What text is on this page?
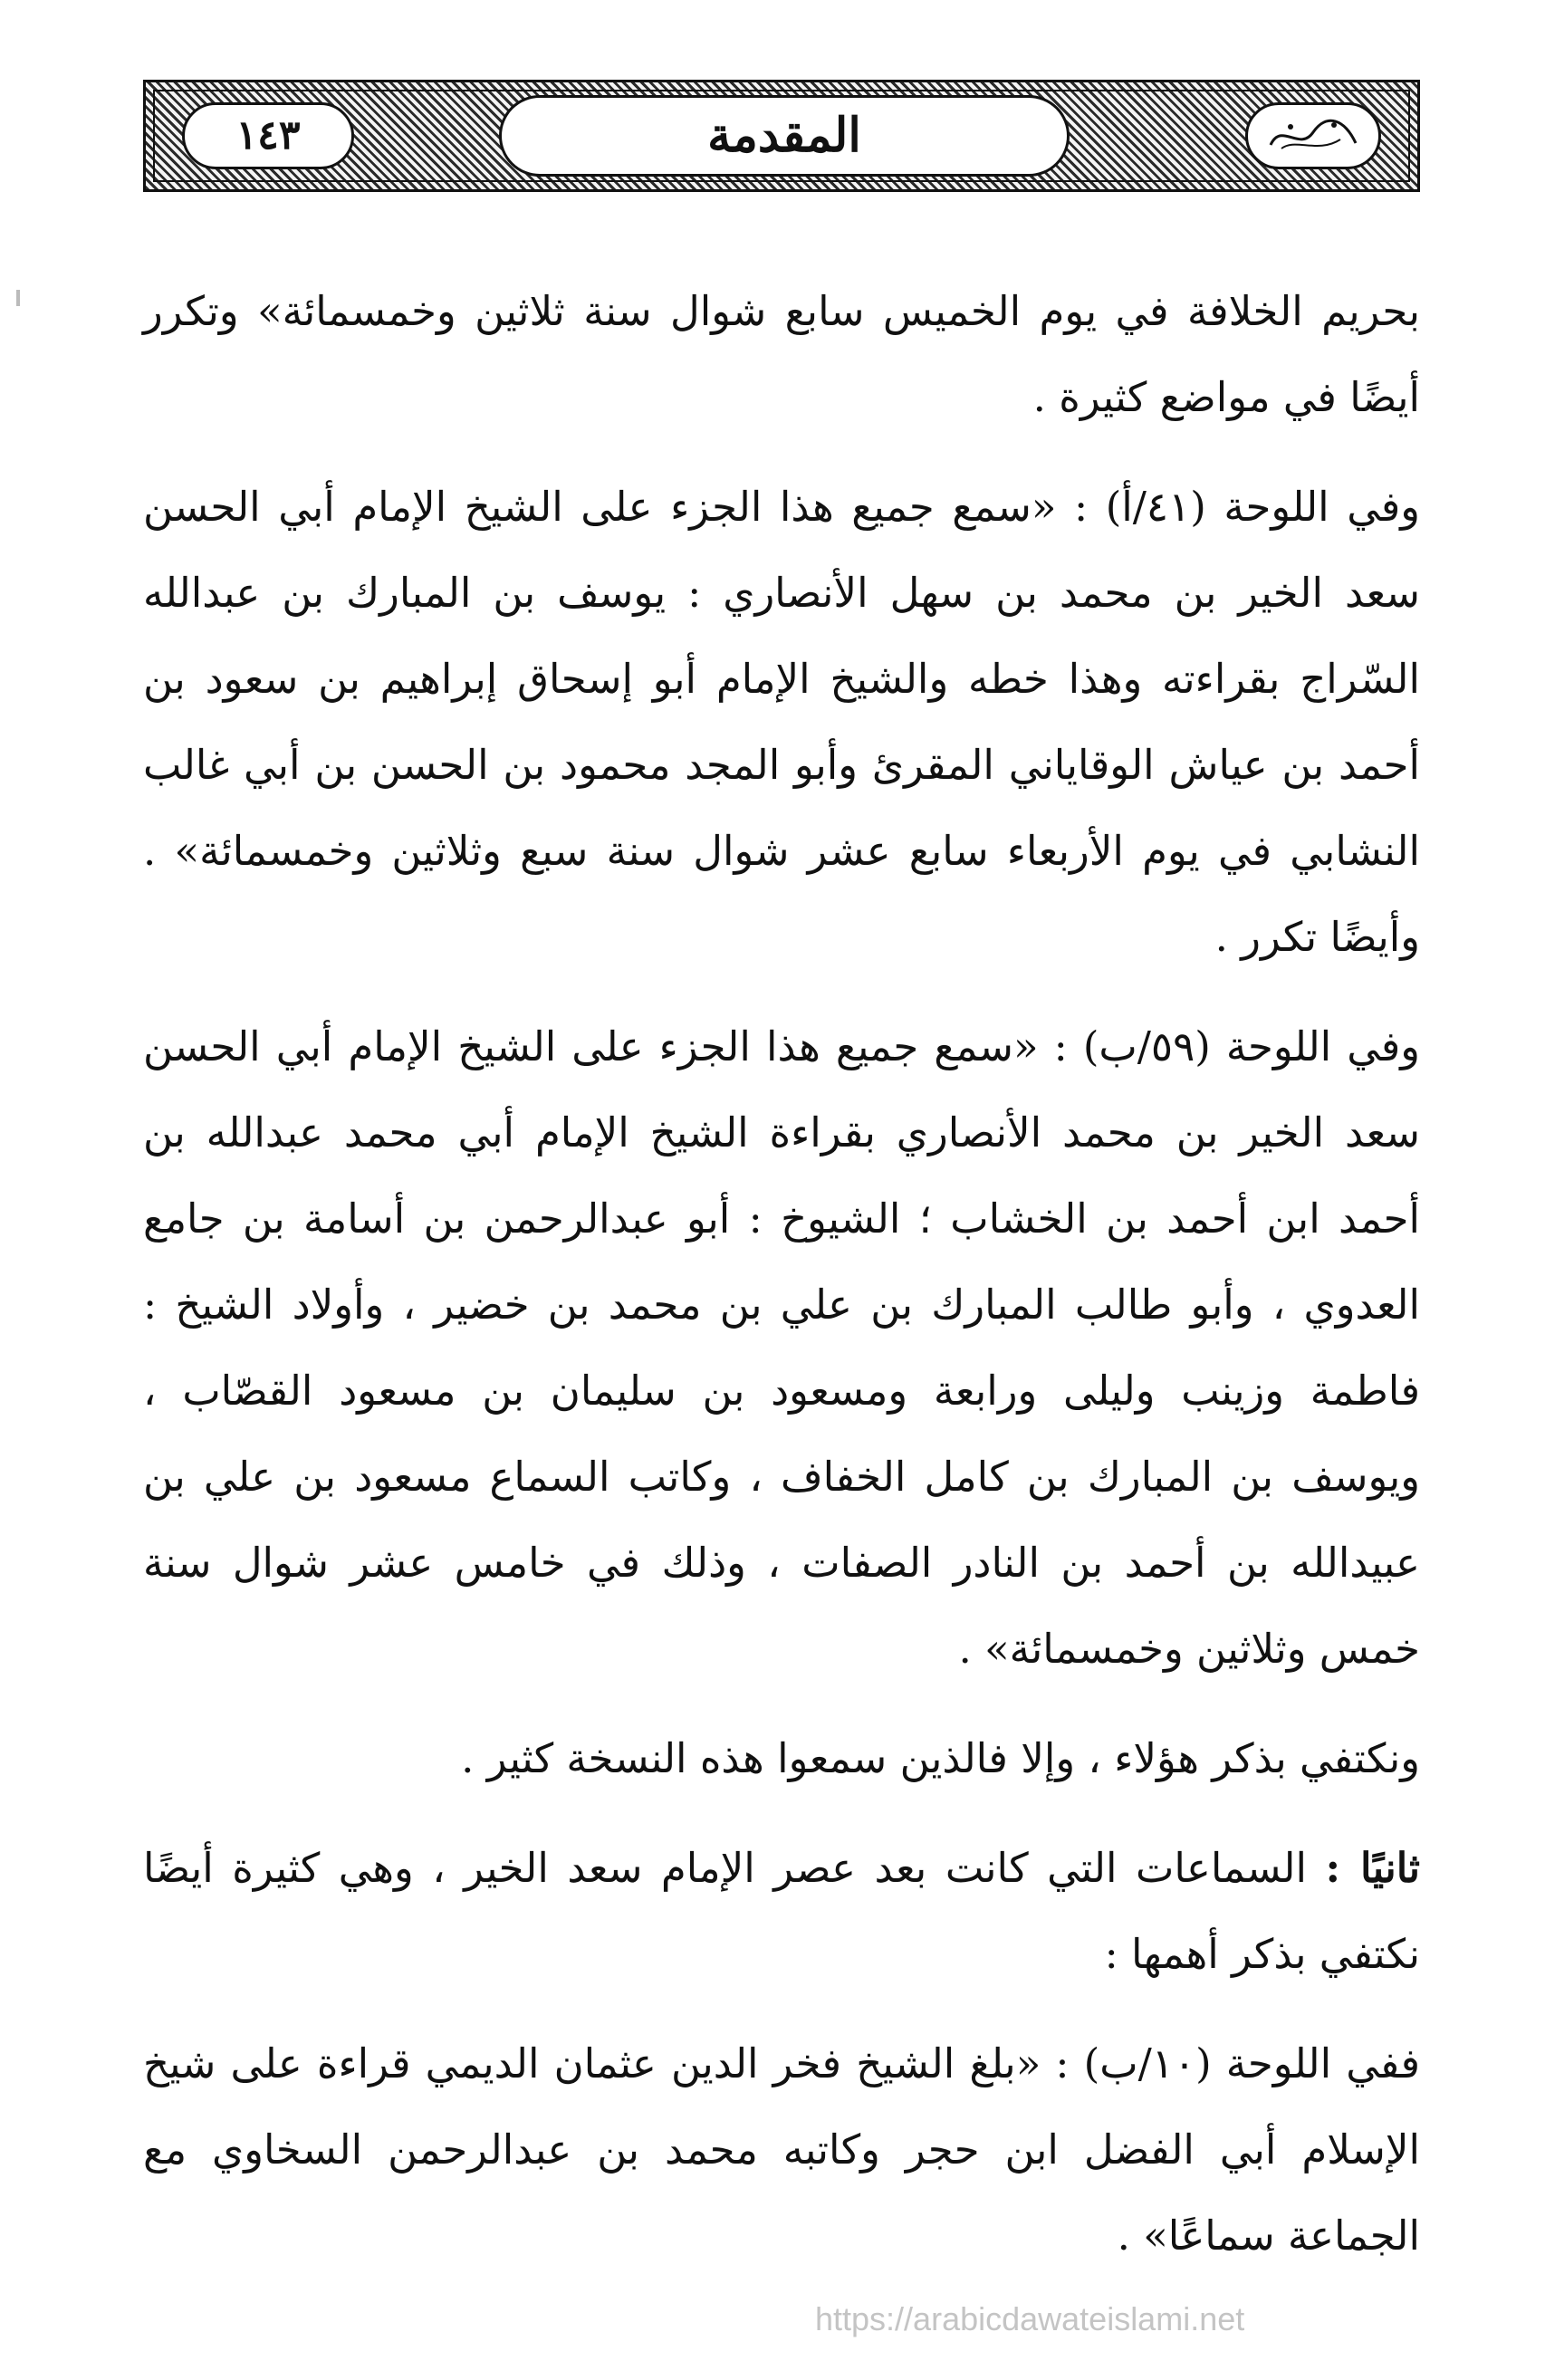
المقدمة
١٤٣

بحريم الخلافة في يوم الخميس سابع شوال سنة ثلاثين وخمسمائة» وتكرر أيضًا في مواضع كثيرة .

وفي اللوحة (٤١/أ) : «سمع جميع هذا الجزء على الشيخ الإمام أبي الحسن سعد الخير بن محمد بن سهل الأنصاري : يوسف بن المبارك بن عبدالله السّراج بقراءته وهذا خطه والشيخ الإمام أبو إسحاق إبراهيم بن سعود بن أحمد بن عياش الوقاياني المقرئ وأبو المجد محمود بن الحسن بن أبي غالب النشابي في يوم الأربعاء سابع عشر شوال سنة سبع وثلاثين وخمسمائة» . وأيضًا تكرر .

وفي اللوحة (٥٩/ب) : «سمع جميع هذا الجزء على الشيخ الإمام أبي الحسن سعد الخير بن محمد الأنصاري بقراءة الشيخ الإمام أبي محمد عبدالله بن أحمد ابن أحمد بن الخشاب ؛ الشيوخ : أبو عبدالرحمن بن أسامة بن جامع العدوي ، وأبو طالب المبارك بن علي بن محمد بن خضير ، وأولاد الشيخ : فاطمة وزينب وليلى ورابعة ومسعود بن سليمان بن مسعود القصّاب ، ويوسف بن المبارك بن كامل الخفاف ، وكاتب السماع مسعود بن علي بن عبيدالله بن أحمد بن النادر الصفات ، وذلك في خامس عشر شوال سنة خمس وثلاثين وخمسمائة» .

ونكتفي بذكر هؤلاء ، وإلا فالذين سمعوا هذه النسخة كثير .

ثانيًا : السماعات التي كانت بعد عصر الإمام سعد الخير ، وهي كثيرة أيضًا نكتفي بذكر أهمها :

ففي اللوحة (١٠/ب) : «بلغ الشيخ فخر الدين عثمان الديمي قراءة على شيخ الإسلام أبي الفضل ابن حجر وكاتبه محمد بن عبدالرحمن السخاوي مع الجماعة سماعًا» .

https://arabicdawateislami.net
